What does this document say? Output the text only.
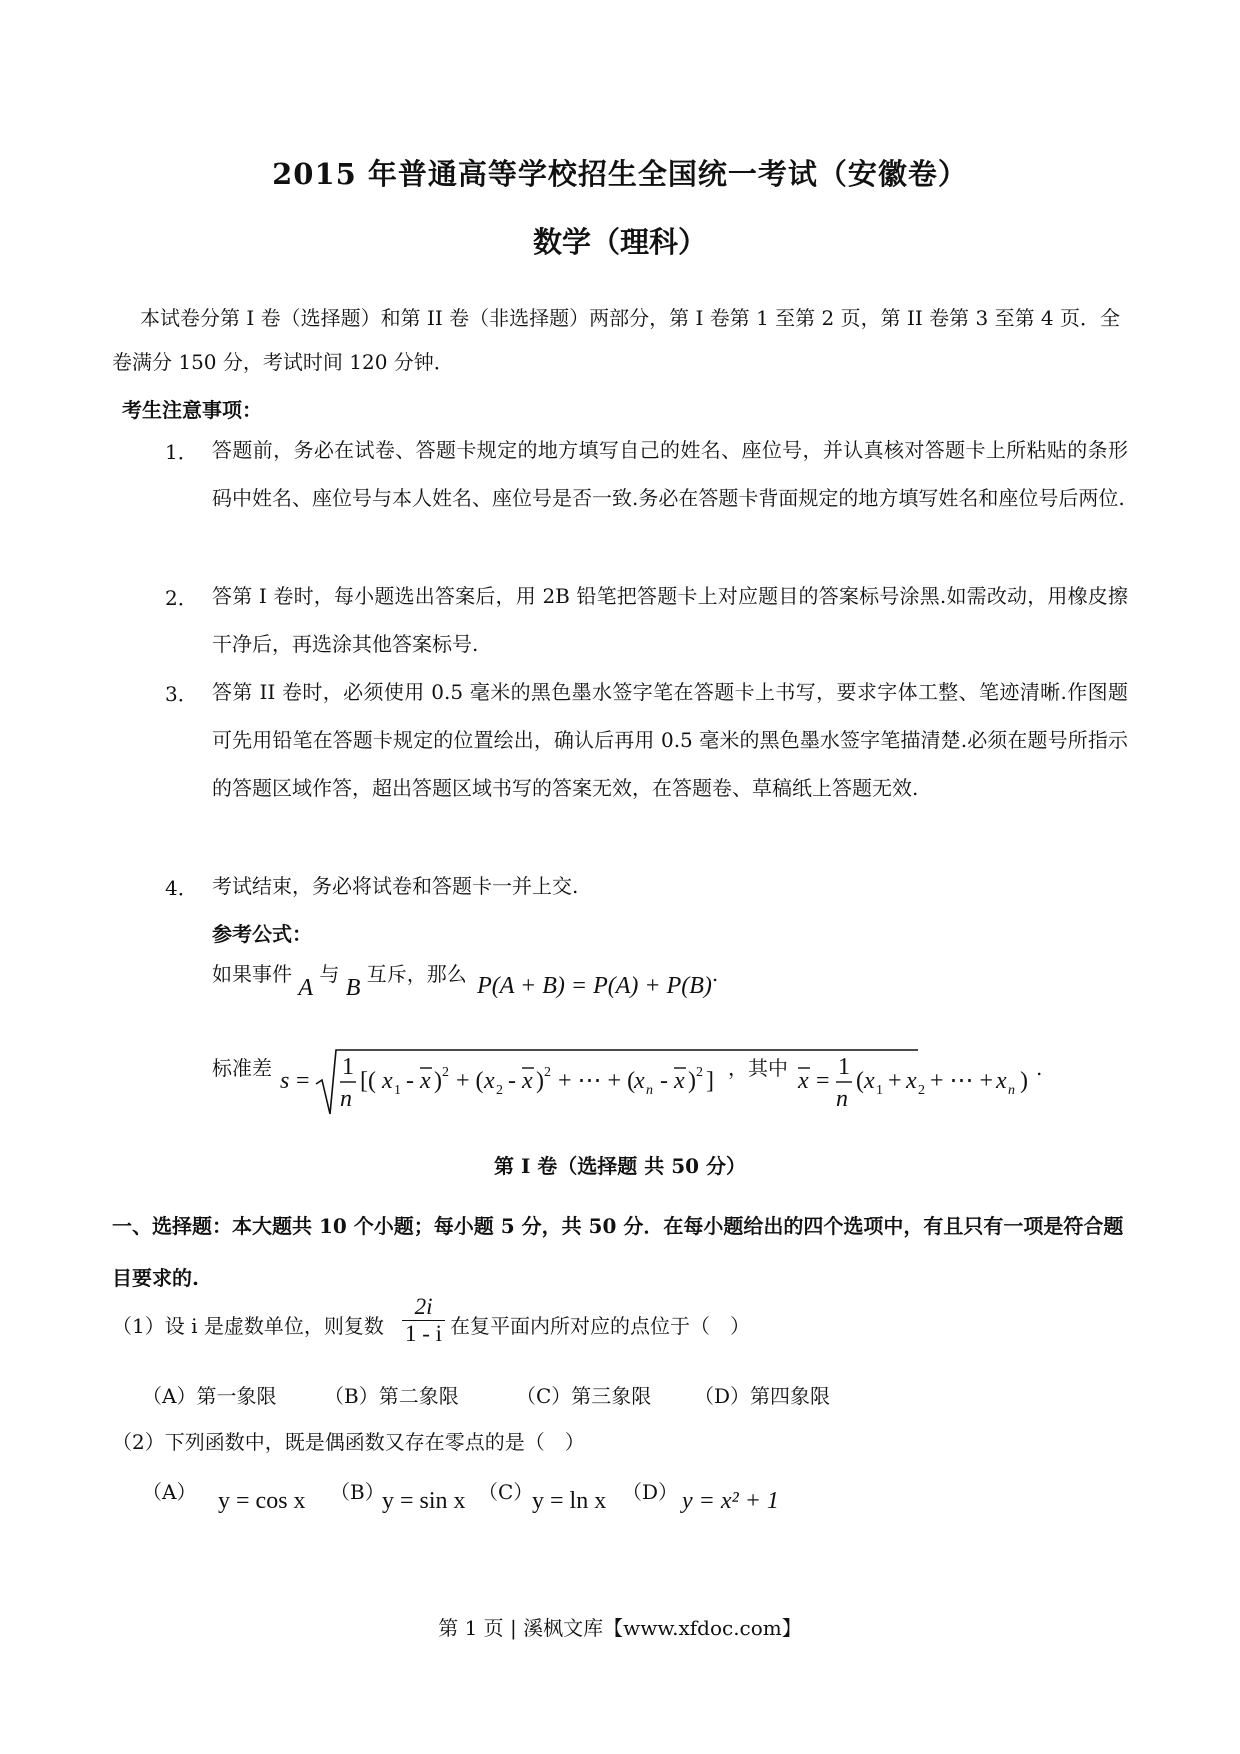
2015 年普通高等学校招生全国统一考试（安徽卷）
数学（理科）
本试卷分第 I 卷（选择题）和第 II 卷（非选择题）两部分，第 I 卷第 1 至第 2 页，第 II 卷第 3 至第 4 页．全卷满分 150 分，考试时间 120 分钟．
考生注意事项：
1． 答题前，务必在试卷、答题卡规定的地方填写自己的姓名、座位号，并认真核对答题卡上所粘贴的条形码中姓名、座位号与本人姓名、座位号是否一致.务必在答题卡背面规定的地方填写姓名和座位号后两位.
2． 答第 I 卷时，每小题选出答案后，用 2B 铅笔把答题卡上对应题目的答案标号涂黑.如需改动，用橡皮擦干净后，再选涂其他答案标号.
3． 答第 II 卷时，必须使用 0.5 毫米的黑色墨水签字笔在答题卡上书写，要求字体工整、笔迹清晰.作图题可先用铅笔在答题卡规定的位置绘出，确认后再用 0.5 毫米的黑色墨水签字笔描清楚.必须在题号所指示的答题区域作答，超出答题区域书写的答案无效，在答题卷、草稿纸上答题无效.
4． 考试结束，务必将试卷和答题卡一并上交.
参考公式：
如果事件 A 与 B 互斥，那么 P(A + B) = P(A) + P(B).
标准差 s =
1
n
[( x 1 - x ) 2 + ( x 2 - x ) 2 + ⋯ + (
x n - x ) 2 ] ，其中 x =
1
n
( x 1 + x 2 + ⋯ + x n ) .
第 I 卷（选择题 共 50 分）
一、选择题：本大题共 10 个小题；每小题 5 分，共 50 分．在每小题给出的四个选项中，有且只有一项是符合题目要求的.
（1）设 i 是虚数单位，则复数 $\frac{2i}{1 - i}$ 在复平面内所对应的点位于（　）
（A）第一象限 （B）第二象限	（C）第三象限 （D）第四象限
（2）下列函数中，既是偶函数又存在零点的是（　）
（A） y = cos x （B）
y = sin x （C）
y = ln x （D） y = x² + 1
第 1 页 | 溪枫文库【www.xfdoc.com】
